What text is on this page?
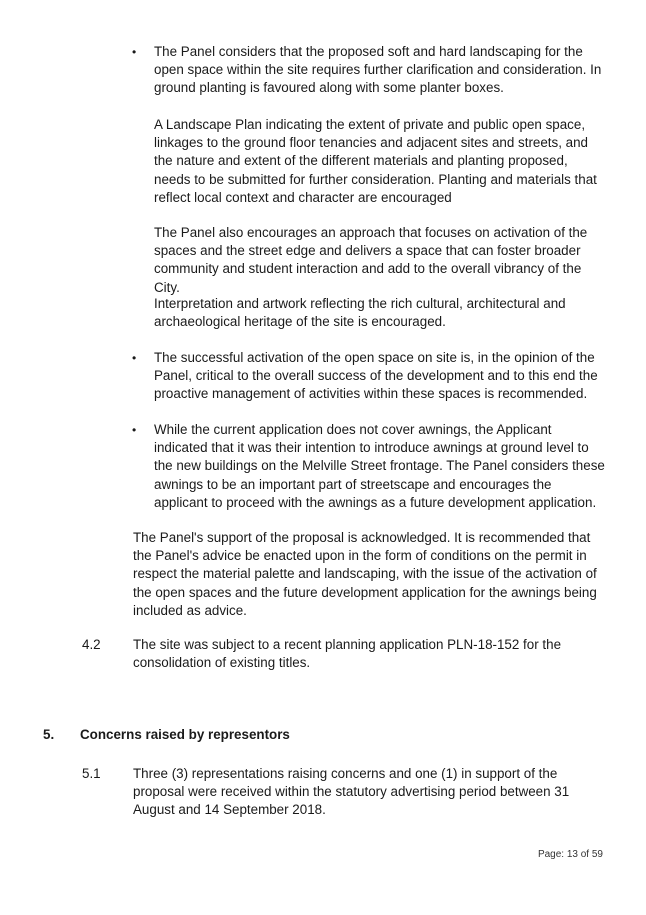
• The Panel considers that the proposed soft and hard landscaping for the open space within the site requires further clarification and consideration. In ground planting is favoured along with some planter boxes.

A Landscape Plan indicating the extent of private and public open space, linkages to the ground floor tenancies and adjacent sites and streets, and the nature and extent of the different materials and planting proposed, needs to be submitted for further consideration. Planting and materials that reflect local context and character are encouraged

The Panel also encourages an approach that focuses on activation of the spaces and the street edge and delivers a space that can foster broader community and student interaction and add to the overall vibrancy of the City.

Interpretation and artwork reflecting the rich cultural, architectural and archaeological heritage of the site is encouraged.

• The successful activation of the open space on site is, in the opinion of the Panel, critical to the overall success of the development and to this end the proactive management of activities within these spaces is recommended.

• While the current application does not cover awnings, the Applicant indicated that it was their intention to introduce awnings at ground level to the new buildings on the Melville Street frontage. The Panel considers these awnings to be an important part of streetscape and encourages the applicant to proceed with the awnings as a future development application.

The Panel's support of the proposal is acknowledged. It is recommended that the Panel's advice be enacted upon in the form of conditions on the permit in respect the material palette and landscaping, with the issue of the activation of the open spaces and the future development application for the awnings being included as advice.

4.2 The site was subject to a recent planning application PLN-18-152 for the consolidation of existing titles.

5. Concerns raised by representors
5.1 Three (3) representations raising concerns and one (1) in support of the proposal were received within the statutory advertising period between 31 August and 14 September 2018.

Page: 13 of 59
